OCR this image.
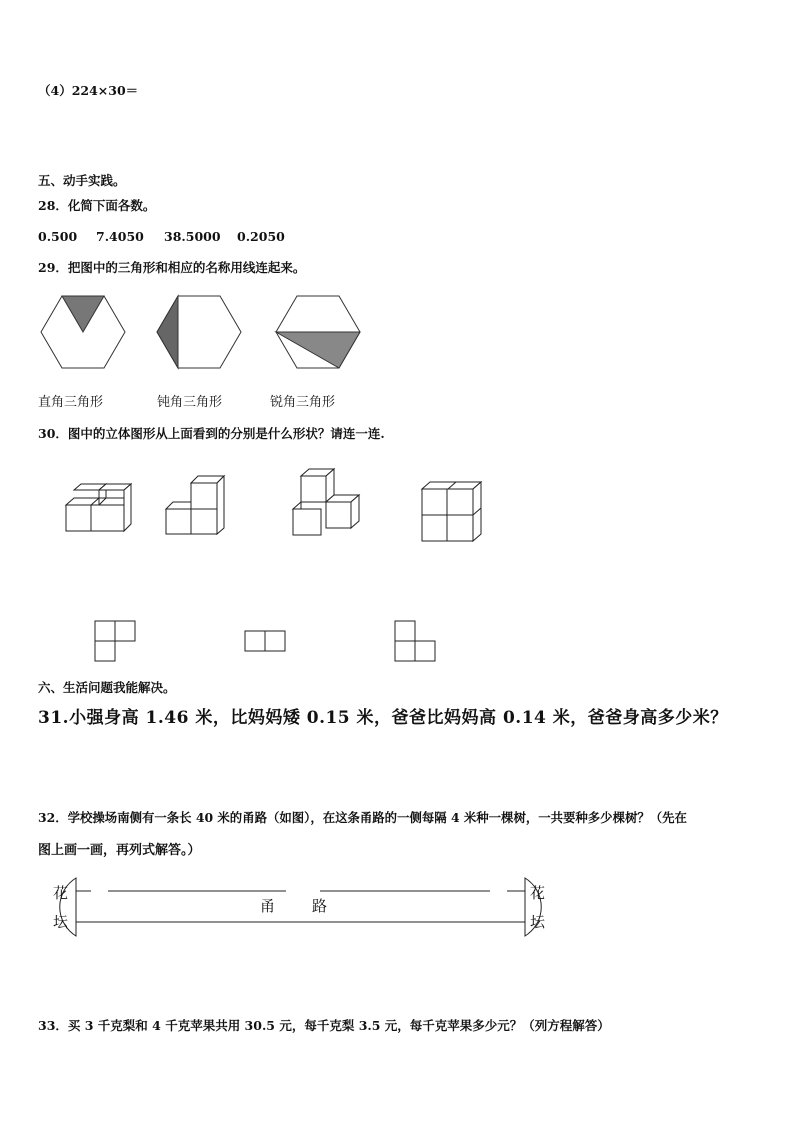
（4）224×30＝
五、动手实践。
28．化简下面各数。
0.500 7.4050 38.5000 0.2050
29．把图中的三角形和相应的名称用线连起来。
直角三角形	钝角三角形	锐角三角形
30．图中的立体图形从上面看到的分别是什么形状？请连一连.
六、生活问题我能解决。
31.小强身高 1.46 米，比妈妈矮 0.15 米，爸爸比妈妈高 0.14 米，爸爸身高多少米？
32．学校操场南侧有一条长 40 米的甬路（如图），在这条甬路的一侧每隔 4 米种一棵树，一共要种多少棵树？（先在
图上画一画，再列式解答。）
花
坛
花
坛
甬 路
33．买 3 千克梨和 4 千克苹果共用 30.5 元，每千克梨 3.5 元，每千克苹果多少元？（列方程解答）
